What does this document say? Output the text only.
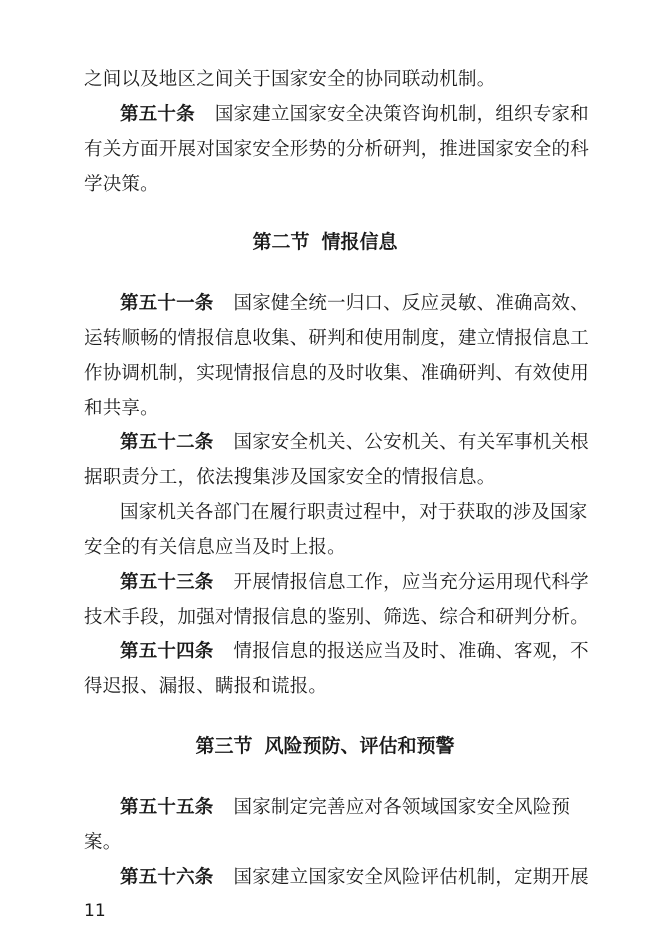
之间以及地区之间关于国家安全的协同联动机制。
第五十条 国家建立国家安全决策咨询机制，组织专家和
有关方面开展对国家安全形势的分析研判，推进国家安全的科
学决策。
第二节 情报信息
第五十一条 国家健全统一归口、反应灵敏、准确高效、
运转顺畅的情报信息收集、研判和使用制度，建立情报信息工
作协调机制，实现情报信息的及时收集、准确研判、有效使用
和共享。
第五十二条 国家安全机关、公安机关、有关军事机关根
据职责分工，依法搜集涉及国家安全的情报信息。
国家机关各部门在履行职责过程中，对于获取的涉及国家
安全的有关信息应当及时上报。
第五十三条 开展情报信息工作，应当充分运用现代科学
技术手段，加强对情报信息的鉴别、筛选、综合和研判分析。
第五十四条 情报信息的报送应当及时、准确、客观，不
得迟报、漏报、瞒报和谎报。
第三节 风险预防、评估和预警
第五十五条 国家制定完善应对各领域国家安全风险预
案。
第五十六条 国家建立国家安全风险评估机制，定期开展
11
